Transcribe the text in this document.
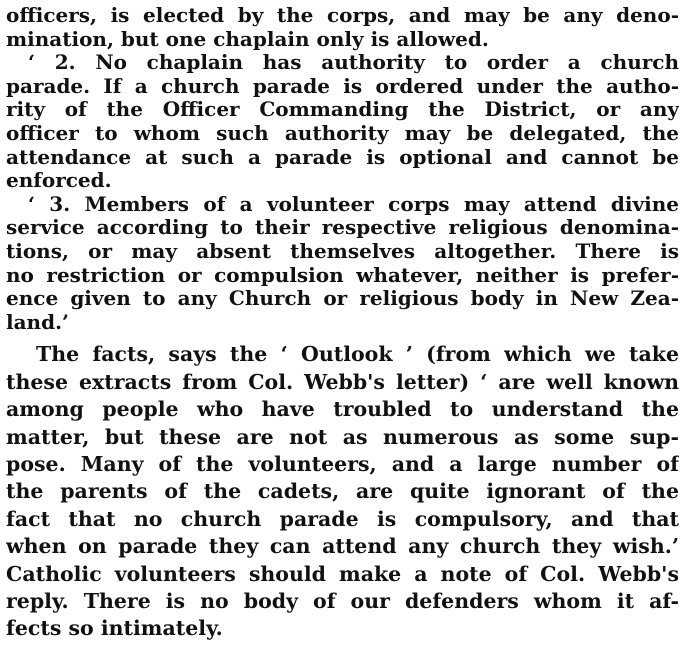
officers, is elected by the corps, and may be any deno-
mination, but one chaplain only is allowed.
‘ 2. No chaplain has authority to order a church
parade. If a church parade is ordered under the autho-
rity of the Officer Commanding the District, or any
officer to whom such authority may be delegated, the
attendance at such a parade is optional and cannot be
enforced.
‘ 3. Members of a volunteer corps may attend divine
service according to their respective religious denomina-
tions, or may absent themselves altogether. There is
no restriction or compulsion whatever, neither is prefer-
ence given to any Church or religious body in New Zea-
land.’
The facts, says the ‘ Outlook ’ (from which we take
these extracts from Col. Webb's letter) ‘ are well known
among people who have troubled to understand the
matter, but these are not as numerous as some sup-
pose. Many of the volunteers, and a large number of
the parents of the cadets, are quite ignorant of the
fact that no church parade is compulsory, and that
when on parade they can attend any church they wish.’
Catholic volunteers should make a note of Col. Webb's
reply. There is no body of our defenders whom it af-
fects so intimately.
